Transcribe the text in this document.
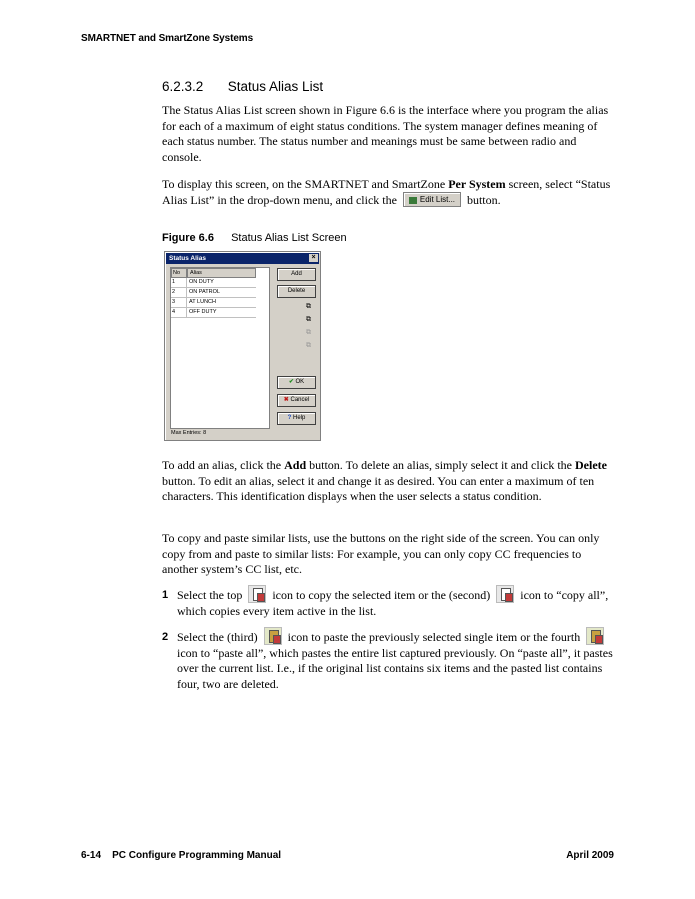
SMARTNET and SmartZone Systems
6.2.3.2 Status Alias List

The Status Alias List screen shown in Figure 6.6 is the interface where you program the alias for each of a maximum of eight status conditions. The system manager defines meaning of each status number. The status number and meanings must be same between radio and console.

To display this screen, on the SMARTNET and SmartZone Per System screen, select “Status Alias List” in the drop-down menu, and click the Edit List... button.

Figure 6.6 Status Alias List Screen
Status Alias	×
No	Alias
1	ON DUTY
2	ON PATROL
3	AT LUNCH
4	OFF DUTY
Add
Delete
⧉
⧉
⧉
⧉
✔ OK
✖ Cancel
? Help
Max Entries: 8

To add an alias, click the Add button. To delete an alias, simply select it and click the Delete button. To edit an alias, select it and change it as desired. You can enter a maximum of ten characters. This identification displays when the user selects a status condition.

To copy and paste similar lists, use the buttons on the right side of the screen. You can only copy from and paste to similar lists: For example, you can only copy CC frequencies to another system’s CC list, etc.

1 Select the top  icon to copy the selected item or the (second)  icon to “copy all”, which copies every item active in the list.
2 Select the (third)  icon to paste the previously selected single item or the fourth  icon to “paste all”, which pastes the entire list captured previously. On “paste all”, it pastes over the current list. I.e., if the original list contains six items and the pasted list contains four, two are deleted.
6-14    PC Configure Programming Manual	April 2009
